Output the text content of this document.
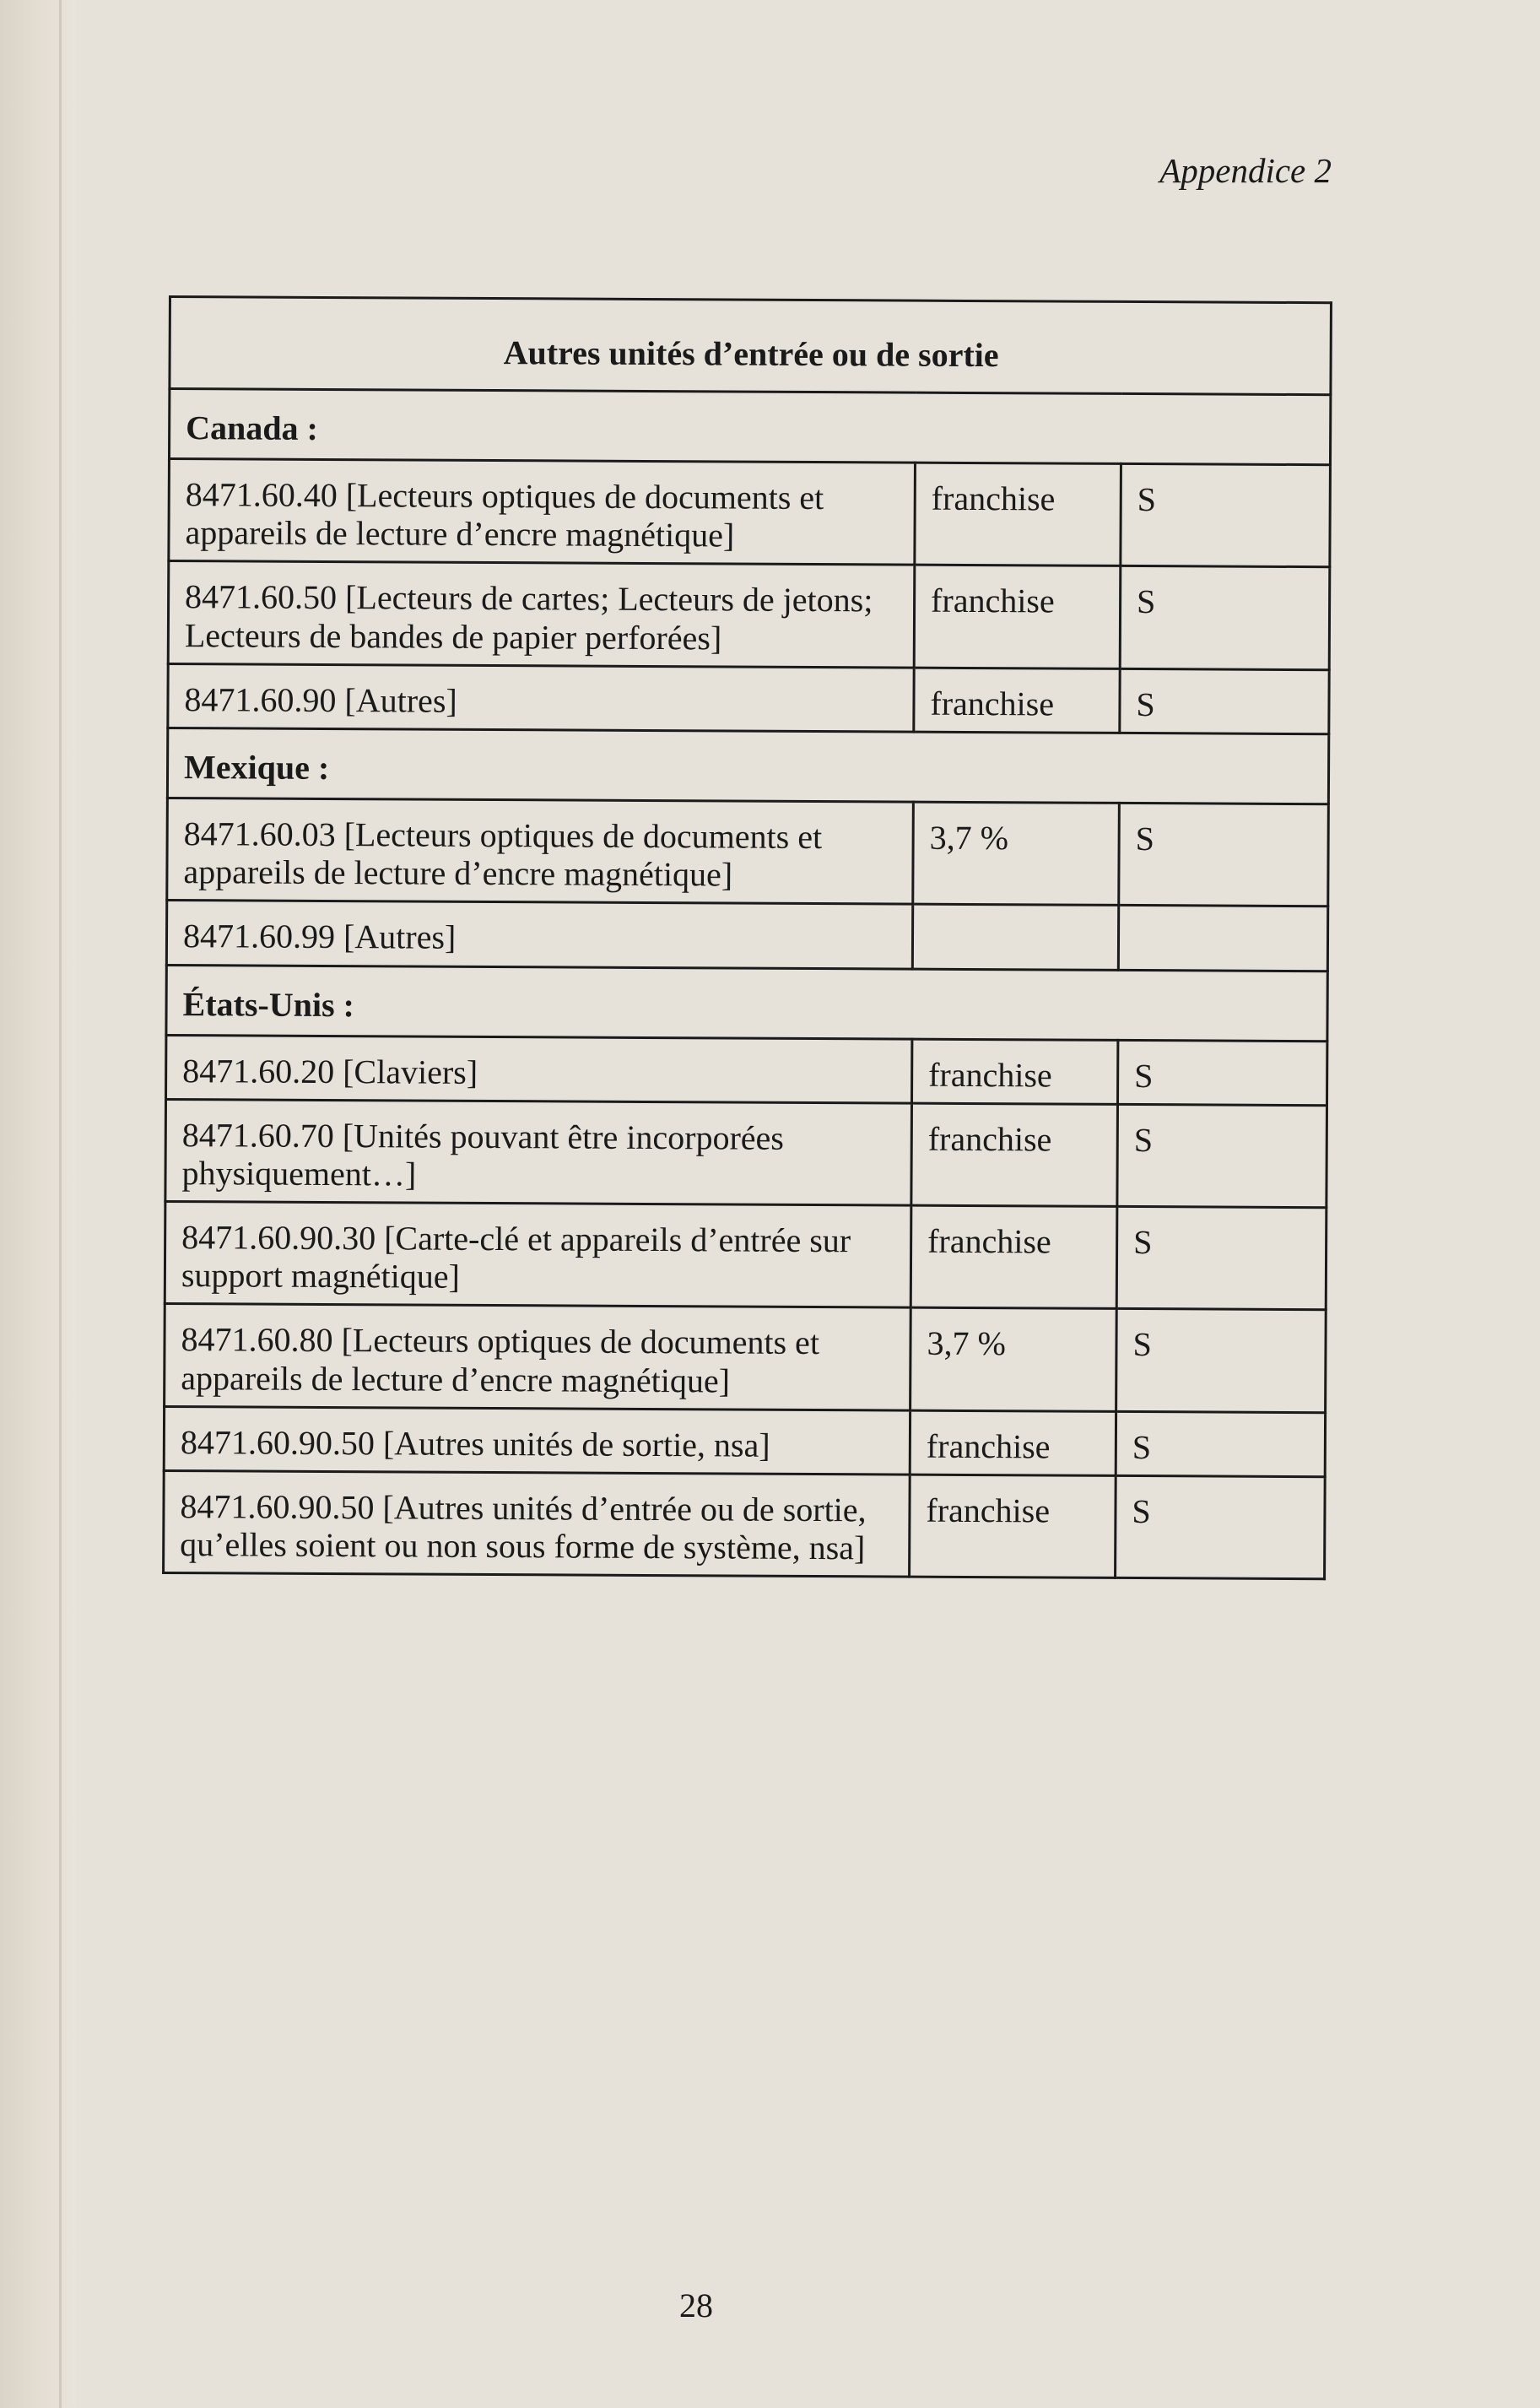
Appendice 2
Autres unités d’entrée ou de sortie		
Canada :		
8471.60.40 [Lecteurs optiques de documents et appareils de lecture d’encre magnétique]	franchise	S
8471.60.50 [Lecteurs de cartes; Lecteurs de jetons; Lecteurs de bandes de papier perforées]	franchise	S
8471.60.90 [Autres]	franchise	S
Mexique :		
8471.60.03 [Lecteurs optiques de documents et appareils de lecture d’encre magnétique]	3,7 %	S
8471.60.99 [Autres]		
États-Unis :		
8471.60.20 [Claviers]	franchise	S
8471.60.70 [Unités pouvant être incorporées physiquement…]	franchise	S
8471.60.90.30 [Carte-clé et appareils d’entrée sur support magnétique]	franchise	S
8471.60.80 [Lecteurs optiques de documents et appareils de lecture d’encre magnétique]	3,7 %	S
8471.60.90.50 [Autres unités de sortie, nsa]	franchise	S
8471.60.90.50 [Autres unités d’entrée ou de sortie, qu’elles soient ou non sous forme de système, nsa]	franchise	S
28
